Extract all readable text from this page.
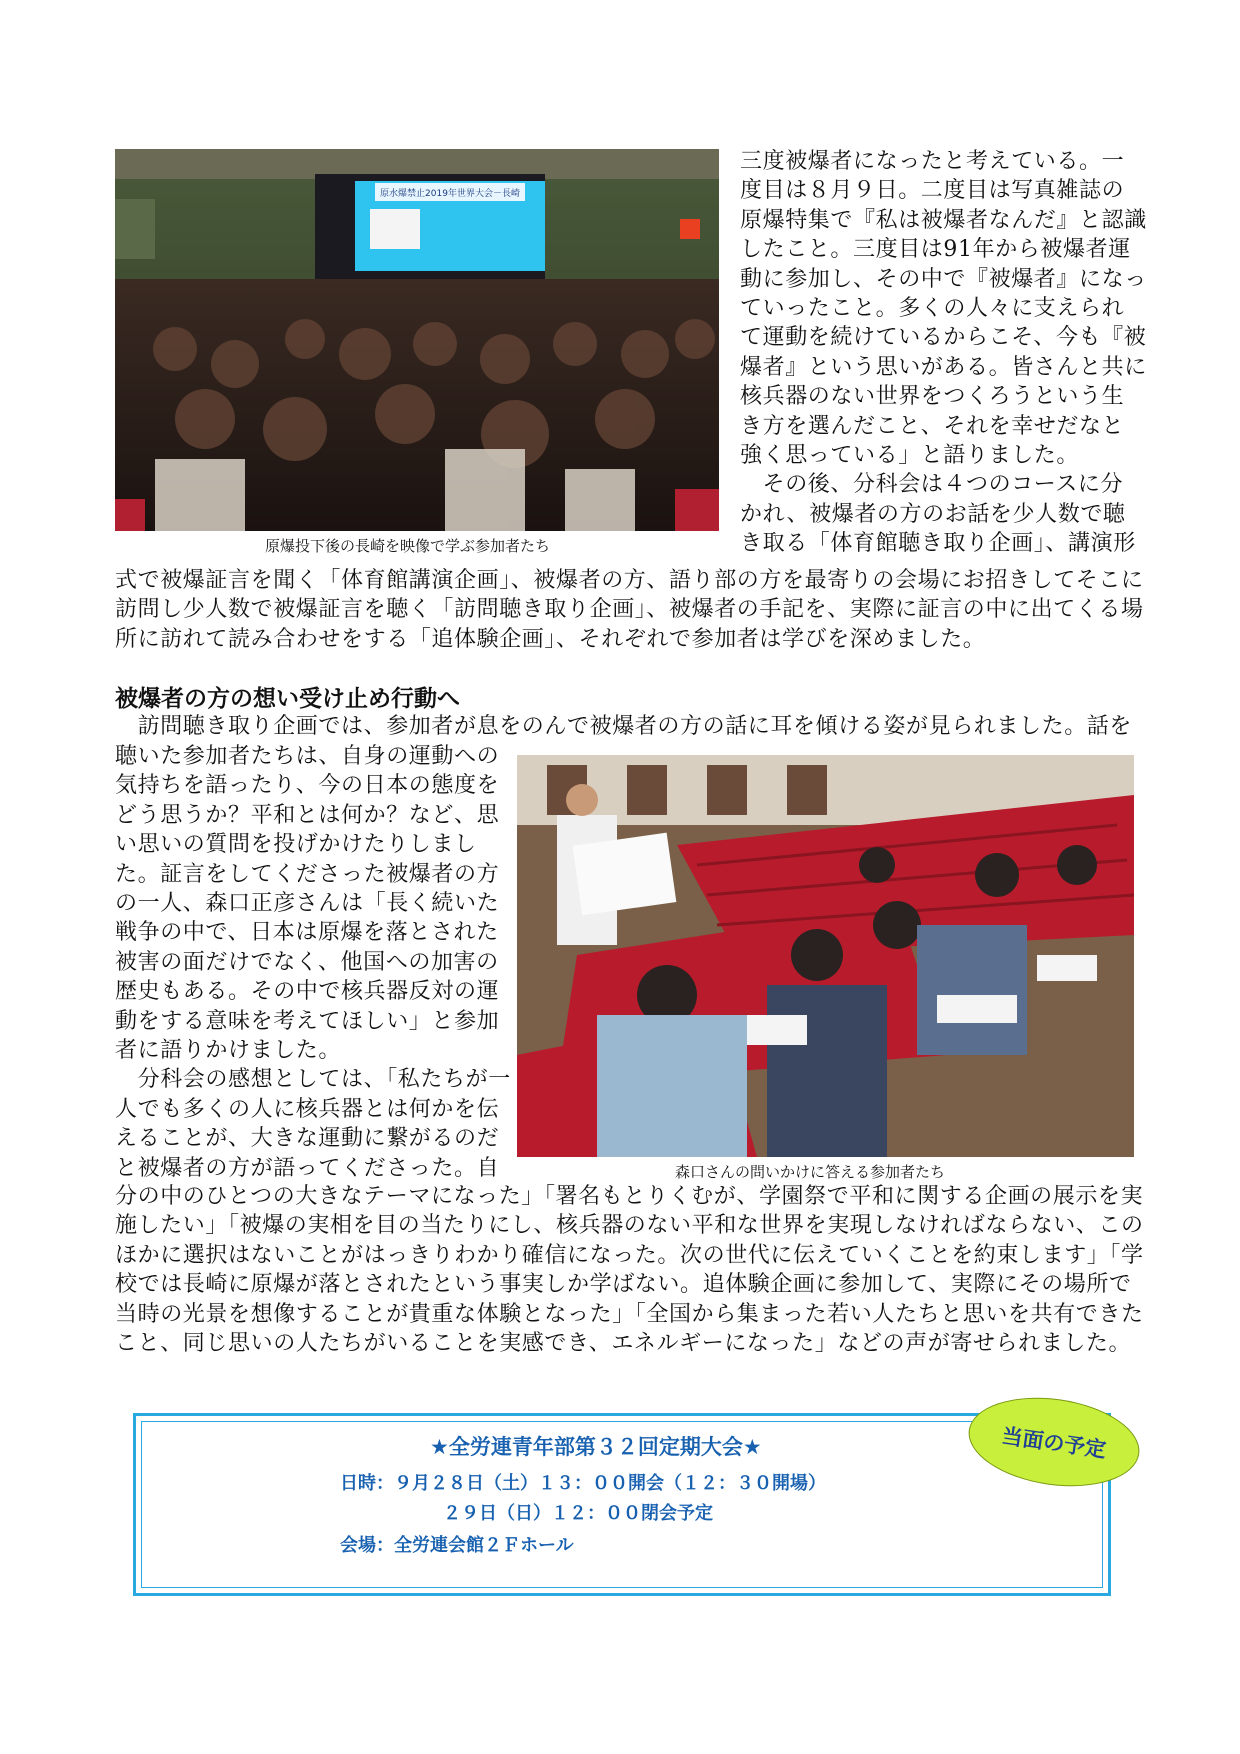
原水爆禁止2019年世界大会－長崎
原爆投下後の長崎を映像で学ぶ参加者たち
三度被爆者になったと考えている。一
度目は８月９日。二度目は写真雑誌の
原爆特集で『私は被爆者なんだ』と認識
したこと。三度目は91年から被爆者運
動に参加し、その中で『被爆者』になっ
ていったこと。多くの人々に支えられ
て運動を続けているからこそ、今も『被
爆者』という思いがある。皆さんと共に
核兵器のない世界をつくろうという生
き方を選んだこと、それを幸せだなと
強く思っている」と語りました。
　その後、分科会は４つのコースに分
かれ、被爆者の方のお話を少人数で聴
き取る「体育館聴き取り企画」、講演形
式で被爆証言を聞く「体育館講演企画」、被爆者の方、語り部の方を最寄りの会場にお招きしてそこに
訪問し少人数で被爆証言を聴く「訪問聴き取り企画」、被爆者の手記を、実際に証言の中に出てくる場
所に訪れて読み合わせをする「追体験企画」、それぞれで参加者は学びを深めました。
被爆者の方の想い受け止め行動へ
　訪問聴き取り企画では、参加者が息をのんで被爆者の方の話に耳を傾ける姿が見られました。話を
聴いた参加者たちは、自身の運動への
気持ちを語ったり、今の日本の態度を
どう思うか？平和とは何か？など、思
い思いの質問を投げかけたりしまし
た。証言をしてくださった被爆者の方
の一人、森口正彦さんは「長く続いた
戦争の中で、日本は原爆を落とされた
被害の面だけでなく、他国への加害の
歴史もある。その中で核兵器反対の運
動をする意味を考えてほしい」と参加
者に語りかけました。
　分科会の感想としては、「私たちが一
人でも多くの人に核兵器とは何かを伝
えることが、大きな運動に繋がるのだ
と被爆者の方が語ってくださった。自	森口さんの問いかけに答える参加者たち
分の中のひとつの大きなテーマになった」「署名もとりくむが、学園祭で平和に関する企画の展示を実
施したい」「被爆の実相を目の当たりにし、核兵器のない平和な世界を実現しなければならない、この
ほかに選択はないことがはっきりわかり確信になった。次の世代に伝えていくことを約束します」「学
校では長崎に原爆が落とされたという事実しか学ばない。追体験企画に参加して、実際にその場所で
当時の光景を想像することが貴重な体験となった」「全国から集まった若い人たちと思いを共有できた
こと、同じ思いの人たちがいることを実感でき、エネルギーになった」などの声が寄せられました。
★全労連青年部第３２回定期大会★
日時：９月２８日（土）１３：００開会（１２：３０開場）
２９日（日）１２：００閉会予定
会場：全労連会館２Ｆホール
当面の予定
